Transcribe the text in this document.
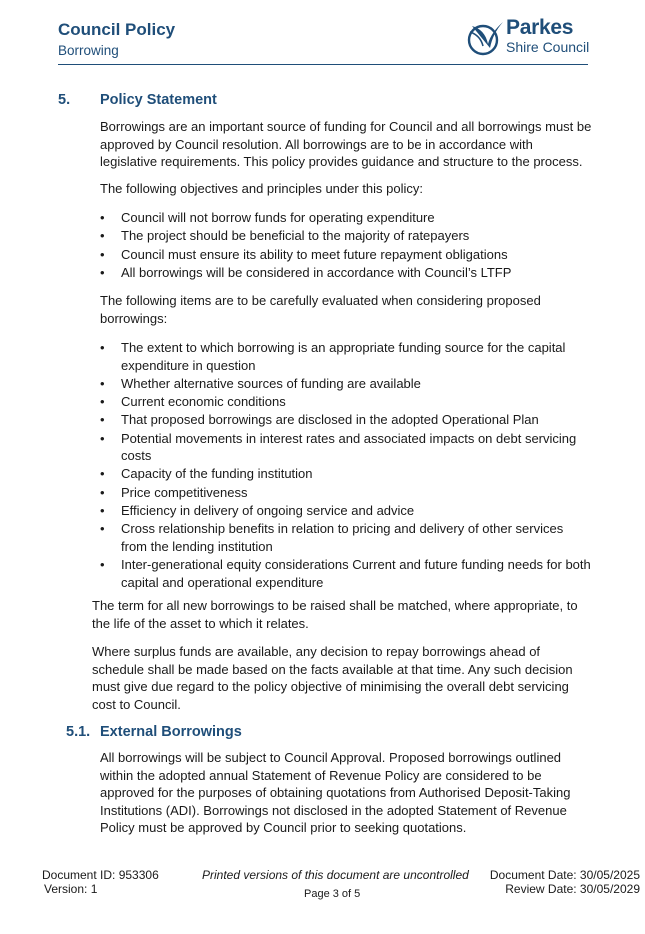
Council Policy
Borrowing
Parkes
Shire Council
5. Policy Statement

Borrowings are an important source of funding for Council and all borrowings must be approved by Council resolution. All borrowings are to be in accordance with legislative requirements. This policy provides guidance and structure to the process.

The following objectives and principles under this policy:

• Council will not borrow funds for operating expenditure
• The project should be beneficial to the majority of ratepayers
• Council must ensure its ability to meet future repayment obligations
• All borrowings will be considered in accordance with Council’s LTFP

The following items are to be carefully evaluated when considering proposed borrowings:

• The extent to which borrowing is an appropriate funding source for the capital expenditure in question
• Whether alternative sources of funding are available
• Current economic conditions
• That proposed borrowings are disclosed in the adopted Operational Plan
• Potential movements in interest rates and associated impacts on debt servicing costs
• Capacity of the funding institution
• Price competitiveness
• Efficiency in delivery of ongoing service and advice
• Cross relationship benefits in relation to pricing and delivery of other services from the lending institution
• Inter-generational equity considerations Current and future funding needs for both capital and operational expenditure

The term for all new borrowings to be raised shall be matched, where appropriate, to the life of the asset to which it relates.

Where surplus funds are available, any decision to repay borrowings ahead of schedule shall be made based on the facts available at that time. Any such decision must give due regard to the policy objective of minimising the overall debt servicing cost to Council.

5.1. External Borrowings

All borrowings will be subject to Council Approval. Proposed borrowings outlined within the adopted annual Statement of Revenue Policy are considered to be approved for the purposes of obtaining quotations from Authorised Deposit-Taking Institutions (ADI). Borrowings not disclosed in the adopted Statement of Revenue Policy must be approved by Council prior to seeking quotations.

Document ID: 953306
Version: 1
Printed versions of this document are uncontrolled
Page 3 of 5
Document Date: 30/05/2025
Review Date: 30/05/2029
